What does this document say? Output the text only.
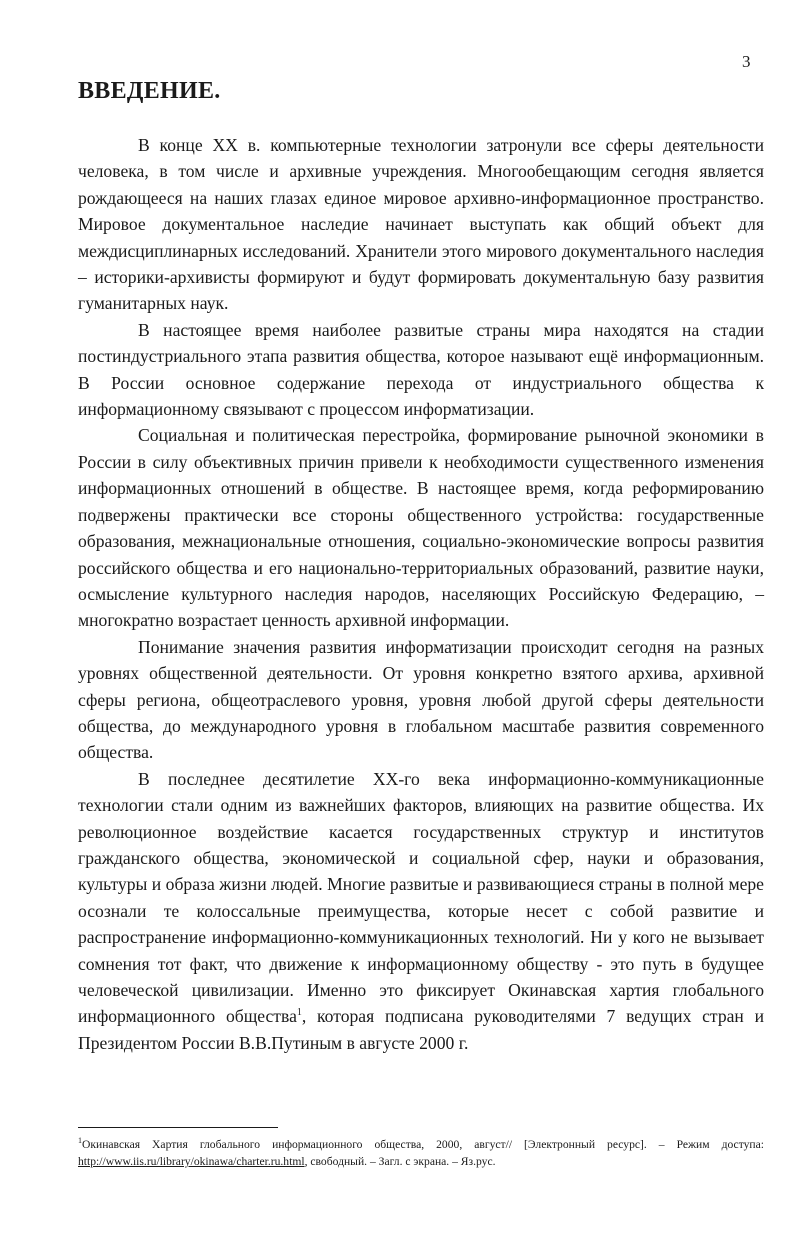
3
ВВЕДЕНИЕ.

В конце XX в. компьютерные технологии затронули все сферы деятельности человека, в том числе и архивные учреждения. Многообещающим сегодня является рождающееся на наших глазах единое мировое архивно-информационное пространство. Мировое документальное наследие начинает выступать как общий объект для междисциплинарных исследований. Хранители этого мирового документального наследия – историки-архивисты формируют и будут формировать документальную базу развития гуманитарных наук.

В настоящее время наиболее развитые страны мира находятся на стадии постиндустриального этапа развития общества, которое называют ещё информационным. В России основное содержание перехода от индустриального общества к информационному связывают с процессом информатизации.

Социальная и политическая перестройка, формирование рыночной экономики в России в силу объективных причин привели к необходимости существенного изменения информационных отношений в обществе. В настоящее время, когда реформированию подвержены практически все стороны общественного устройства: государственные образования, межнациональные отношения, социально-экономические вопросы развития российского общества и его национально-территориальных образований, развитие науки, осмысление культурного наследия народов, населяющих Российскую Федерацию, – многократно возрастает ценность архивной информации.

Понимание значения развития информатизации происходит сегодня на разных уровнях общественной деятельности. От уровня конкретно взятого архива, архивной сферы региона, общеотраслевого уровня, уровня любой другой сферы деятельности общества, до международного уровня в глобальном масштабе развития современного общества.

В последнее десятилетие XX-го века информационно-коммуникационные технологии стали одним из важнейших факторов, влияющих на развитие общества. Их революционное воздействие касается государственных структур и институтов гражданского общества, экономической и социальной сфер, науки и образования, культуры и образа жизни людей. Многие развитые и развивающиеся страны в полной мере осознали те колоссальные преимущества, которые несет с собой развитие и распространение информационно-коммуникационных технологий. Ни у кого не вызывает сомнения тот факт, что движение к информационному обществу - это путь в будущее человеческой цивилизации. Именно это фиксирует Окинавская хартия глобального информационного общества$^1$, которая подписана руководителями 7 ведущих стран и Президентом России В.В.Путиным в августе 2000 г.

$^1$Окинавская Хартия глобального информационного общества, 2000, август// [Электронный ресурс]. – Режим доступа: http://www.iis.ru/library/okinawa/charter.ru.html, свободный. – Загл. с экрана. – Яз.рус.
